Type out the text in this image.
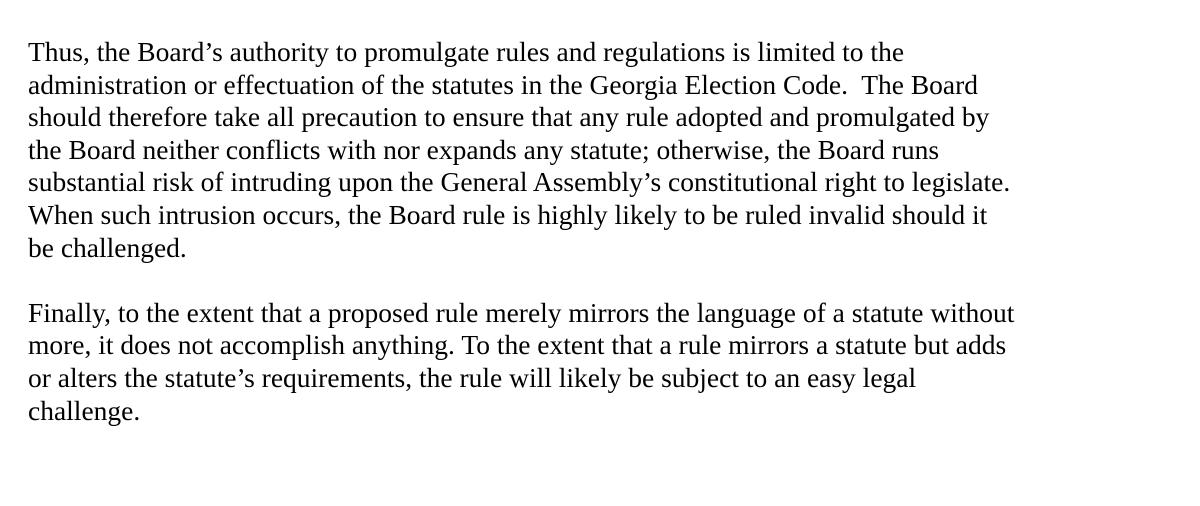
Thus, the Board’s authority to promulgate rules and regulations is limited to the
administration or effectuation of the statutes in the Georgia Election Code.  The Board
should therefore take all precaution to ensure that any rule adopted and promulgated by
the Board neither conflicts with nor expands any statute; otherwise, the Board runs
substantial risk of intruding upon the General Assembly’s constitutional right to legislate.
When such intrusion occurs, the Board rule is highly likely to be ruled invalid should it
be challenged.

Finally, to the extent that a proposed rule merely mirrors the language of a statute without
more, it does not accomplish anything. To the extent that a rule mirrors a statute but adds
or alters the statute’s requirements, the rule will likely be subject to an easy legal
challenge.
